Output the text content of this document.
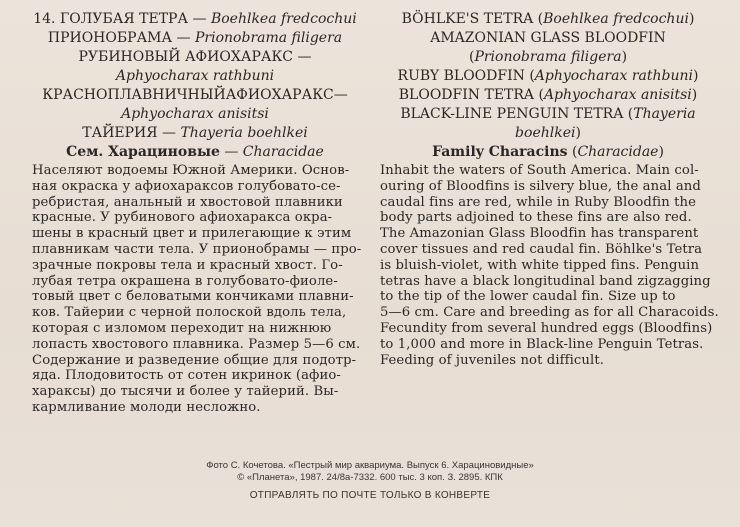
14. ГОЛУБАЯ ТЕТРА — Boehlkea fredcochui
ПРИОНОБРАМА — Prionobrama filigera
РУБИНОВЫЙ АФИОХАРАКС —
Aphyocharax rathbuni
КРАСНОПЛАВНИЧНЫЙАФИОХАРАКС—
Aphyocharax anisitsi
ТАЙЕРИЯ — Thayeria boehlkei
Сем. Харациновые — Characidae
BÖHLKE'S TETRA (Boehlkea fredcochui)
AMAZONIAN GLASS BLOODFIN
(Prionobrama filigera)
RUBY BLOODFIN (Aphyocharax rathbuni)
BLOODFIN TETRA (Aphyocharax anisitsi)
BLACK-LINE PENGUIN TETRA (Thayeria
boehlkei)
Family Characins (Characidae)
Населяют водоемы Южной Америки. Основ-
ная окраска у афиохараксов голубовато-се-
ребристая, анальный и хвостовой плавники
красные. У рубинового афиохаракса окра-
шены в красный цвет и прилегающие к этим
плавникам части тела. У прионобрамы — про-
зрачные покровы тела и красный хвост. Го-
лубая тетра окрашена в голубовато-фиоле-
товый цвет с беловатыми кончиками плавни-
ков. Тайерии с черной полоской вдоль тела,
которая с изломом переходит на нижнюю
лопасть хвостового плавника. Размер 5—6 см.
Содержание и разведение общие для подотр-
яда. Плодовитость от сотен икринок (афио-
харaксы) до тысячи и более у тайерий. Вы-
кармливание молоди несложно.
Inhabit the waters of South America. Main col-
ouring of Bloodfins is silvery blue, the anal and
caudal fins are red, while in Ruby Bloodfin the
body parts adjoined to these fins are also red.
The Amazonian Glass Bloodfin has transparent
cover tissues and red caudal fin. Böhlke's Tetra
is bluish-violet, with white tipped fins. Penguin
tetras have a black longitudinal band zigzagging
to the tip of the lower caudal fin. Size up to
5—6 cm. Care and breeding as for all Characoids.
Fecundity from several hundred eggs (Bloodfins)
to 1,000 and more in Black-line Penguin Tetras.
Feeding of juveniles not difficult.
Фото С. Кочетова. «Пестрый мир аквариума. Выпуск 6. Харациновидные»
© «Планета», 1987. 24/8а-7332. 600 тыс. 3 коп. З. 2895. КПК
ОТПРАВЛЯТЬ ПО ПОЧТЕ ТОЛЬКО В КОНВЕРТЕ
